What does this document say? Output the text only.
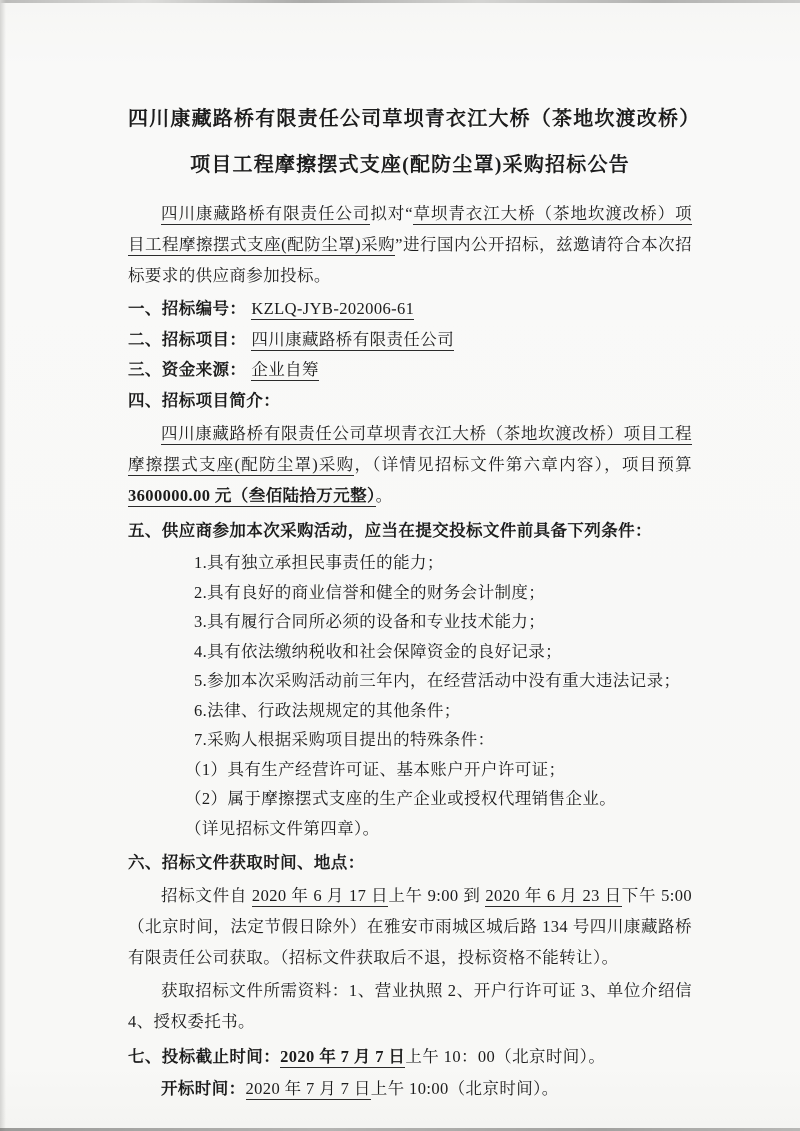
四川康藏路桥有限责任公司草坝青衣江大桥（茶地坎渡改桥）
项目工程摩擦摆式支座(配防尘罩)采购招标公告

四川康藏路桥有限责任公司拟对“草坝青衣江大桥（茶地坎渡改桥）项目工程摩擦摆式支座(配防尘罩)采购”进行国内公开招标，兹邀请符合本次招标要求的供应商参加投标。

一、招标编号： KZLQ-JYB-202006-61
二、招标项目： 四川康藏路桥有限责任公司
三、资金来源： 企业自筹
四、招标项目简介：

四川康藏路桥有限责任公司草坝青衣江大桥（茶地坎渡改桥）项目工程摩擦摆式支座(配防尘罩)采购，（详情见招标文件第六章内容），项目预算 3600000.00 元（叁佰陆拾万元整）。

五、供应商参加本次采购活动，应当在提交投标文件前具备下列条件：
1.具有独立承担民事责任的能力；
2.具有良好的商业信誉和健全的财务会计制度；
3.具有履行合同所必须的设备和专业技术能力；
4.具有依法缴纳税收和社会保障资金的良好记录；
5.参加本次采购活动前三年内，在经营活动中没有重大违法记录；
6.法律、行政法规规定的其他条件；
7.采购人根据采购项目提出的特殊条件：
（1）具有生产经营许可证、基本账户开户许可证；
（2）属于摩擦摆式支座的生产企业或授权代理销售企业。
（详见招标文件第四章）。
六、招标文件获取时间、地点：

招标文件自 2020 年 6 月 17 日上午 9:00 到 2020 年 6 月 23 日下午 5:00（北京时间，法定节假日除外）在雅安市雨城区城后路 134 号四川康藏路桥有限责任公司获取。（招标文件获取后不退，投标资格不能转让）。

获取招标文件所需资料：1、营业执照 2、开户行许可证 3、单位介绍信 4、授权委托书。

七、投标截止时间：2020 年 7 月 7 日上午 10：00（北京时间）。
开标时间：2020 年 7 月 7 日上午 10:00（北京时间）。
